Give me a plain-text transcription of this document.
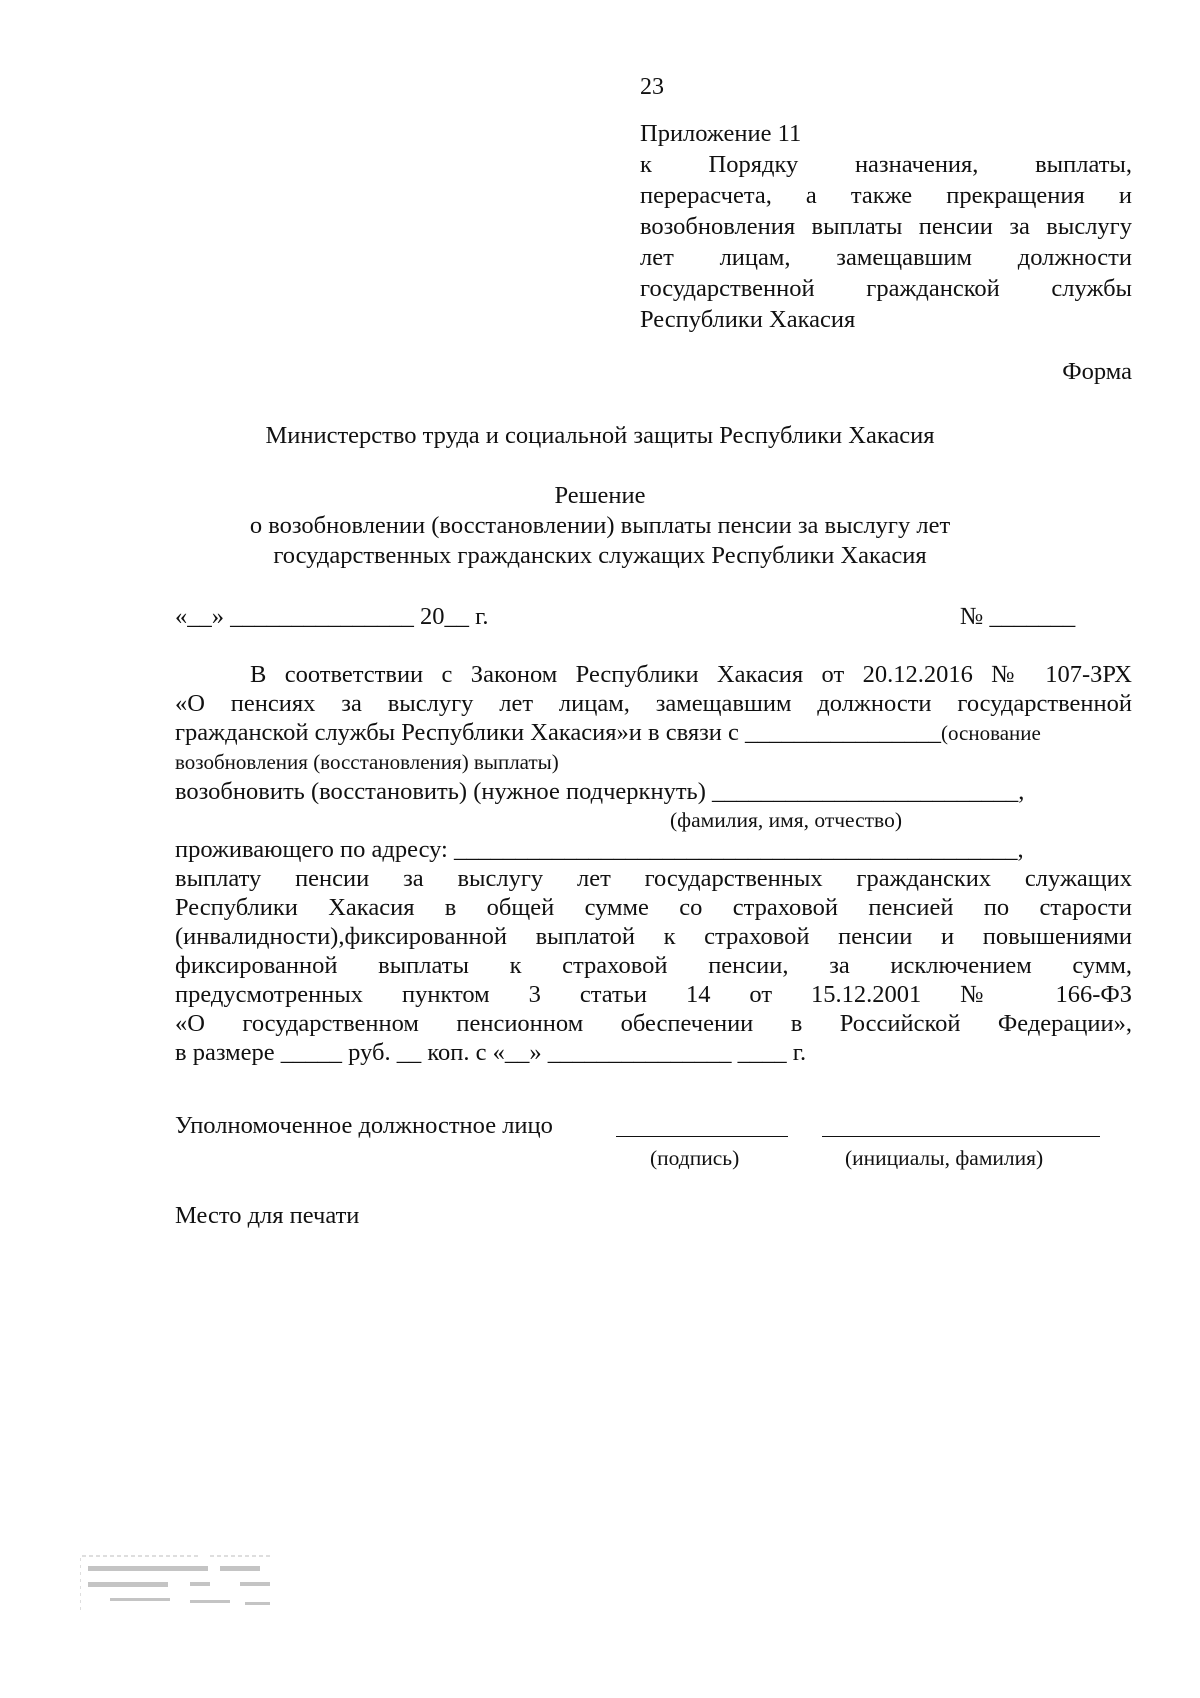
23
Приложение 11
к Порядку назначения, выплаты,
перерасчета, а также прекращения и
возобновления выплаты пенсии за выслугу
лет лицам, замещавшим должности
государственной гражданской службы
Республики Хакасия
Форма
Министерство труда и социальной защиты Республики Хакасия
Решение
о возобновлении (восстановлении) выплаты пенсии за выслугу лет
государственных гражданских служащих Республики Хакасия
«__» _______________ 20__ г.	№ _______
В соответствии с Законом Республики Хакасия от 20.12.2016 № 107-ЗРХ
«О пенсиях за выслугу лет лицам, замещавшим должности государственной
гражданской службы Республики Хакасия»и в связи с ________________(основание
возобновления (восстановления) выплаты)
возобновить (восстановить) (нужное подчеркнуть) _________________________,
(фамилия, имя, отчество)
проживающего по адресу: ______________________________________________,
выплату пенсии за выслугу лет государственных гражданских служащих
Республики Хакасия в общей сумме со страховой пенсией по старости
(инвалидности),фиксированной выплатой к страховой пенсии и повышениями
фиксированной выплаты к страховой пенсии, за исключением сумм,
предусмотренных пунктом 3 статьи 14 от 15.12.2001 № 166-ФЗ
«О государственном пенсионном обеспечении в Российской Федерации»,
в размере _____ руб. __ коп. с «__» _______________ ____ г.
Уполномоченное должностное лицо
(подпись)	(инициалы, фамилия)
Место для печати
